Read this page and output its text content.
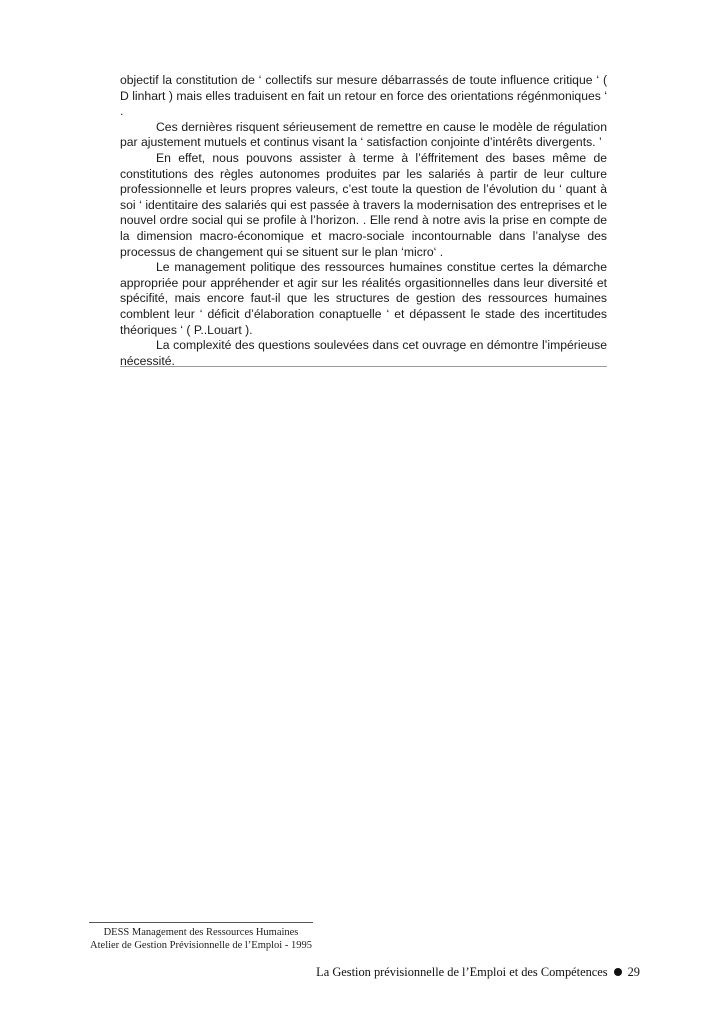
objectif la constitution de ‘ collectifs sur mesure débarrassés de toute influence critique ‘ ( D linhart ) mais elles traduisent en fait un retour en force des orientations régénmoniques ‘ .

Ces dernières risquent sérieusement de remettre en cause le modèle de régulation par ajustement mutuels et continus visant la ‘ satisfaction conjointe d’intérêts divergents. ’

En effet, nous pouvons assister à terme à l’éffritement des bases même de constitutions des règles autonomes produites par les salariés à partir de leur culture professionnelle et leurs propres valeurs, c’est toute la question de l’évolution du ‘ quant à soi ‘ identitaire des salariés qui est passée à travers la modernisation des entreprises et le nouvel ordre social qui se profile à l’horizon. . Elle rend à notre avis la prise en compte de la dimension macro-économique et macro-sociale incontournable dans l’analyse des processus de changement qui se situent sur le plan ‘micro‘ .

Le management politique des ressources humaines constitue certes la démarche appropriée pour appréhender et agir sur les réalités orgasitionnelles dans leur diversité et spécifité, mais encore faut-il que les structures de gestion des ressources humaines comblent leur ‘ déficit d’élaboration conaptuelle ‘ et dépassent le stade des incertitudes théoriques ‘ ( P..Louart ).

La complexité des questions soulevées dans cet ouvrage en démontre l’impérieuse nécessité.

DESS Management des Ressources Humaines
Atelier de Gestion Prévisionnelle de l’Emploi - 1995
La Gestion prévisionnelle de l’Emploi et des Compétences 29
